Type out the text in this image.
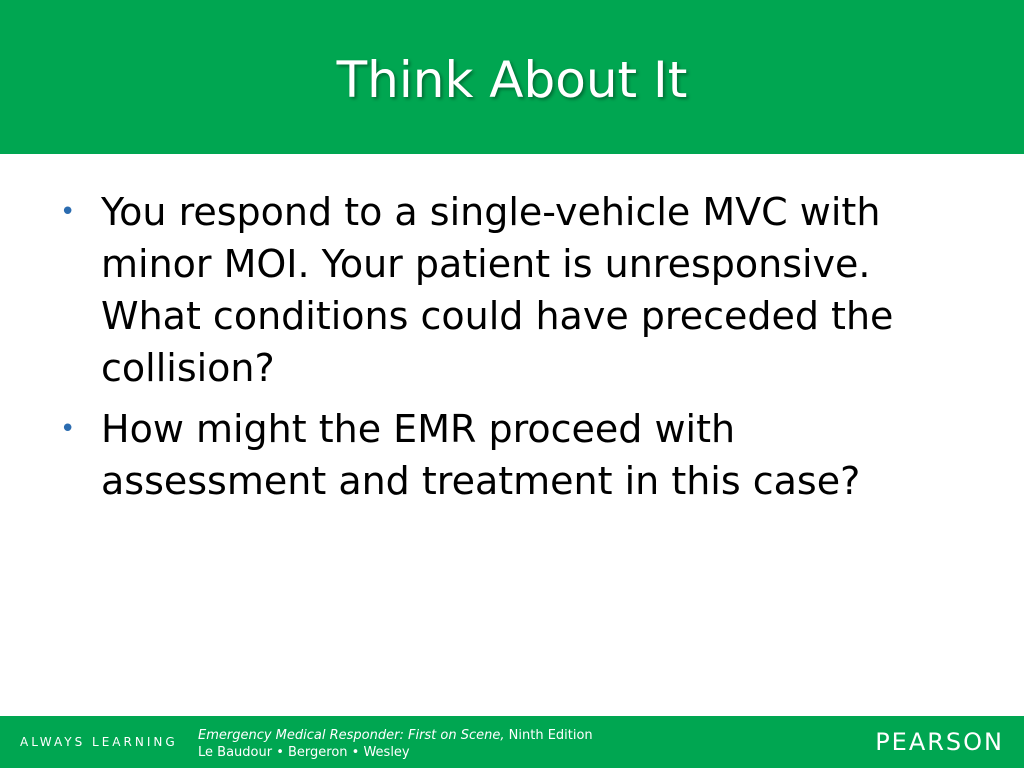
Think About It
• You respond to a single-vehicle MVC with minor MOI. Your patient is unresponsive. What conditions could have preceded the collision?
• How might the EMR proceed with assessment and treatment in this case?
ALWAYS LEARNING Emergency Medical Responder: First on Scene, Ninth Edition
Le Baudour • Bergeron • Wesley	PEARSON
